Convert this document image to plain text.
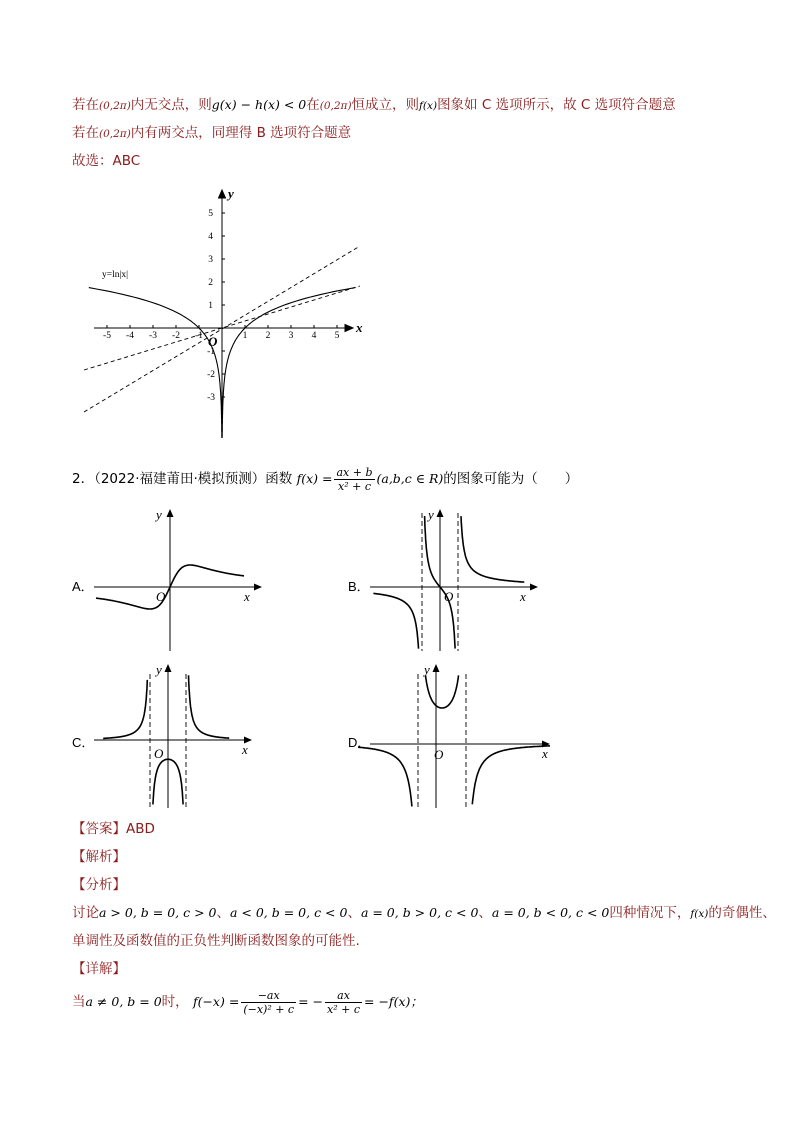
若在(0,2π)内无交点，则g(x) − h(x) < 0在(0,2π)恒成立，则f(x)图象如 C 选项所示，故 C 选项符合题意
若在(0,2π)内有两交点，同理得 B 选项符合题意
故选：ABC
-5 -4 -3 -2 -1	1 2 3 4 5
1
2
3
4
5
-1
-2
-3
y=ln|x|
x
y
O
2．（2022·福建莆田·模拟预测）函数 $f(x) = \frac{ax + b}{\text{x² + c}} (a,b,c$ ∈ R)的图象可能为（　　）
A．	B．
C．	D．
x
y
O	x
y
O
x
y
O	x
y
O
【答案】ABD
【解析】
【分析】
讨论a > 0, b = 0, c > 0、a < 0, b = 0, c < 0、a = 0, b > 0, c < 0、a = 0, b < 0, c < 0四种情况下，f(x)的奇偶性、
单调性及函数值的正负性判断函数图象的可能性.
【详解】
当a ≠ 0, b = 0时， $f(-x) = \frac{-ax}{\text{(−x)² + c}}$ = − $\frac{ax}{\text{x² + c}} = -f(x)$；
